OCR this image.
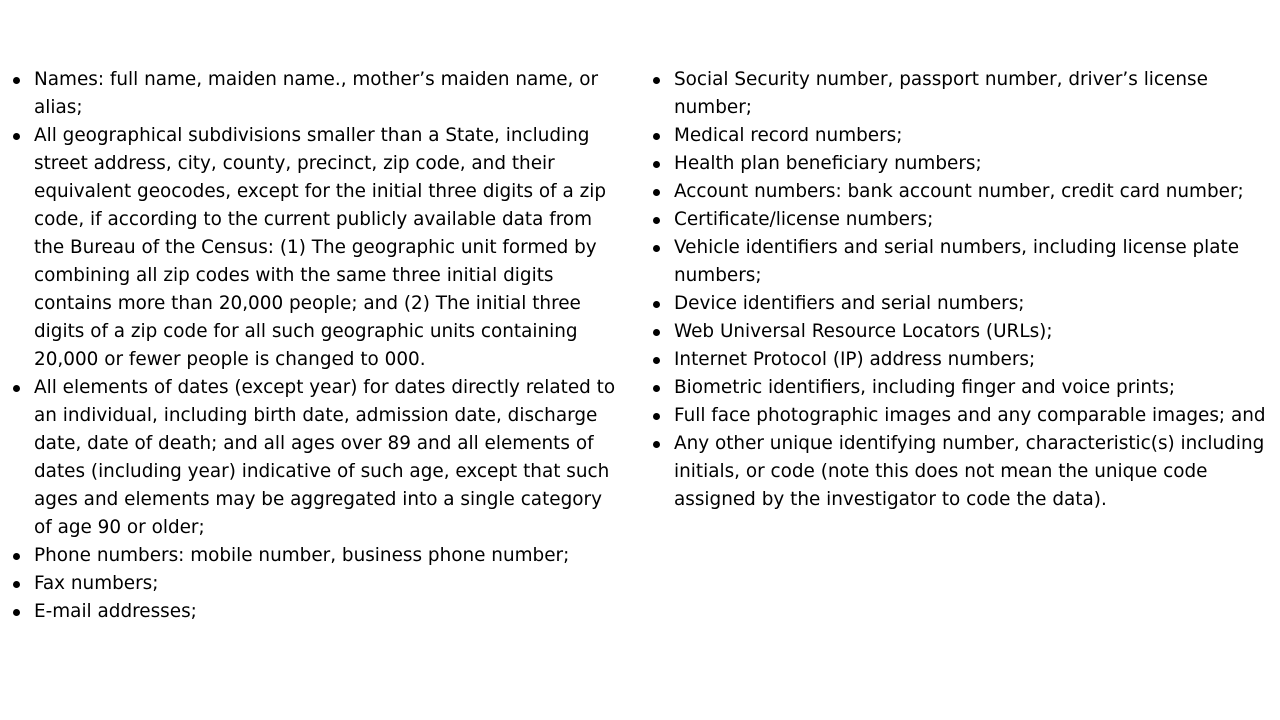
Names: full name, maiden name., mother’s maiden name, or alias;
All geographical subdivisions smaller than a State, including street address, city, county, precinct, zip code, and their equivalent geocodes, except for the initial three digits of a zip code, if according to the current publicly available data from the Bureau of the Census: (1) The geographic unit formed by combining all zip codes with the same three initial digits contains more than 20,000 people; and (2) The initial three digits of a zip code for all such geographic units containing 20,000 or fewer people is changed to 000.
All elements of dates (except year) for dates directly related to an individual, including birth date, admission date, discharge date, date of death; and all ages over 89 and all elements of dates (including year) indicative of such age, except that such ages and elements may be aggregated into a single category of age 90 or older;
Phone numbers: mobile number, business phone number;
Fax numbers;
E-mail addresses;
Social Security number, passport number, driver’s license number;
Medical record numbers;
Health plan beneficiary numbers;
Account numbers: bank account number, credit card number;
Certificate/license numbers;
Vehicle identifiers and serial numbers, including license plate numbers;
Device identifiers and serial numbers;
Web Universal Resource Locators (URLs);
Internet Protocol (IP) address numbers;
Biometric identifiers, including finger and voice prints;
Full face photographic images and any comparable images; and
Any other unique identifying number, characteristic(s) including initials, or code (note this does not mean the unique code assigned by the investigator to code the data).
